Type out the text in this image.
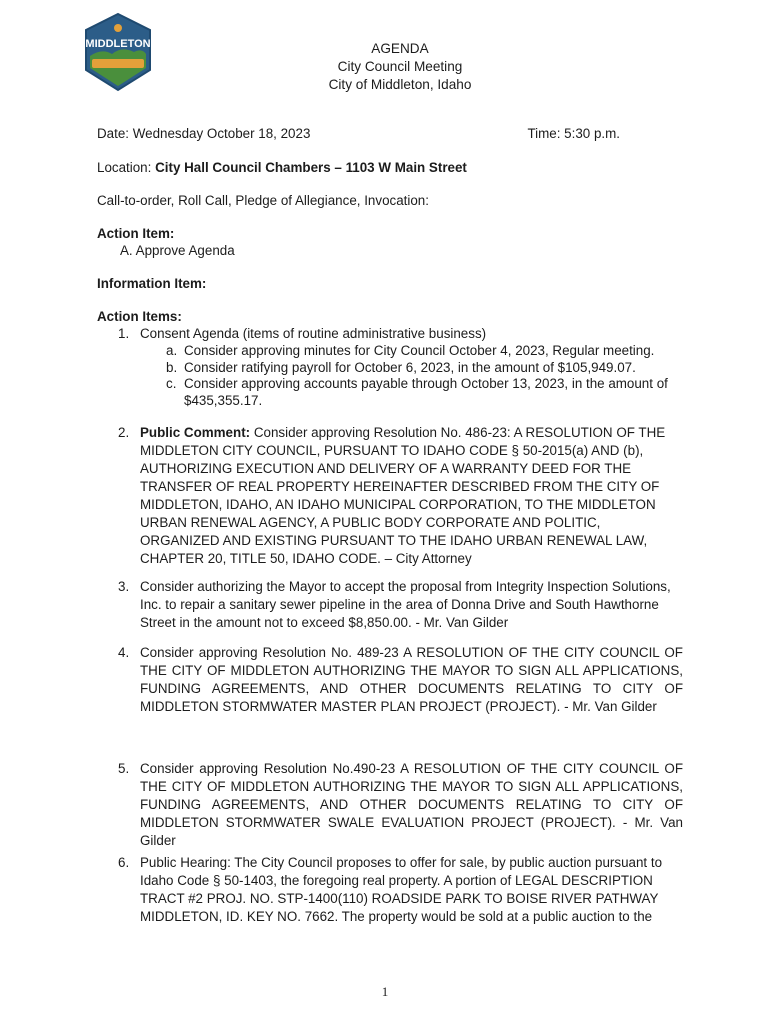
MIDDLETON	AGENDA
City Council Meeting
City of Middleton, Idaho
Date: Wednesday October 18, 2023	Time: 5:30 p.m.
Location: City Hall Council Chambers – 1103 W Main Street
Call-to-order, Roll Call, Pledge of Allegiance, Invocation:
Action Item:
A. Approve Agenda
Information Item:
Action Items:
1. Consent Agenda (items of routine administrative business)
a. Consider approving minutes for City Council October 4, 2023, Regular meeting.
b. Consider ratifying payroll for October 6, 2023, in the amount of $105,949.07.
c. Consider approving accounts payable through October 13, 2023, in the amount of $435,355.17.
2. Public Comment: Consider approving Resolution No. 486-23: A RESOLUTION OF THE MIDDLETON CITY COUNCIL, PURSUANT TO IDAHO CODE § 50-2015(a) AND (b), AUTHORIZING EXECUTION AND DELIVERY OF A WARRANTY DEED FOR THE TRANSFER OF REAL PROPERTY HEREINAFTER DESCRIBED FROM THE CITY OF MIDDLETON, IDAHO, AN IDAHO MUNICIPAL CORPORATION, TO THE MIDDLETON URBAN RENEWAL AGENCY, A PUBLIC BODY CORPORATE AND POLITIC, ORGANIZED AND EXISTING PURSUANT TO THE IDAHO URBAN RENEWAL LAW, CHAPTER 20, TITLE 50, IDAHO CODE. – City Attorney
3. Consider authorizing the Mayor to accept the proposal from Integrity Inspection Solutions, Inc. to repair a sanitary sewer pipeline in the area of Donna Drive and South Hawthorne Street in the amount not to exceed $8,850.00. - Mr. Van Gilder
4. Consider approving Resolution No. 489-23 A RESOLUTION OF THE CITY COUNCIL OF THE CITY OF MIDDLETON AUTHORIZING THE MAYOR TO SIGN ALL APPLICATIONS, FUNDING AGREEMENTS, AND OTHER DOCUMENTS RELATING TO CITY OF MIDDLETON STORMWATER MASTER PLAN PROJECT (PROJECT). - Mr. Van Gilder
5. Consider approving Resolution No.490-23 A RESOLUTION OF THE CITY COUNCIL OF THE CITY OF MIDDLETON AUTHORIZING THE MAYOR TO SIGN ALL APPLICATIONS, FUNDING AGREEMENTS, AND OTHER DOCUMENTS RELATING TO CITY OF MIDDLETON STORMWATER SWALE EVALUATION PROJECT (PROJECT). - Mr. Van Gilder
6. Public Hearing: The City Council proposes to offer for sale, by public auction pursuant to Idaho Code § 50-1403, the foregoing real property. A portion of LEGAL DESCRIPTION TRACT #2 PROJ. NO. STP-1400(110) ROADSIDE PARK TO BOISE RIVER PATHWAY MIDDLETON, ID. KEY NO. 7662. The property would be sold at a public auction to the
1
